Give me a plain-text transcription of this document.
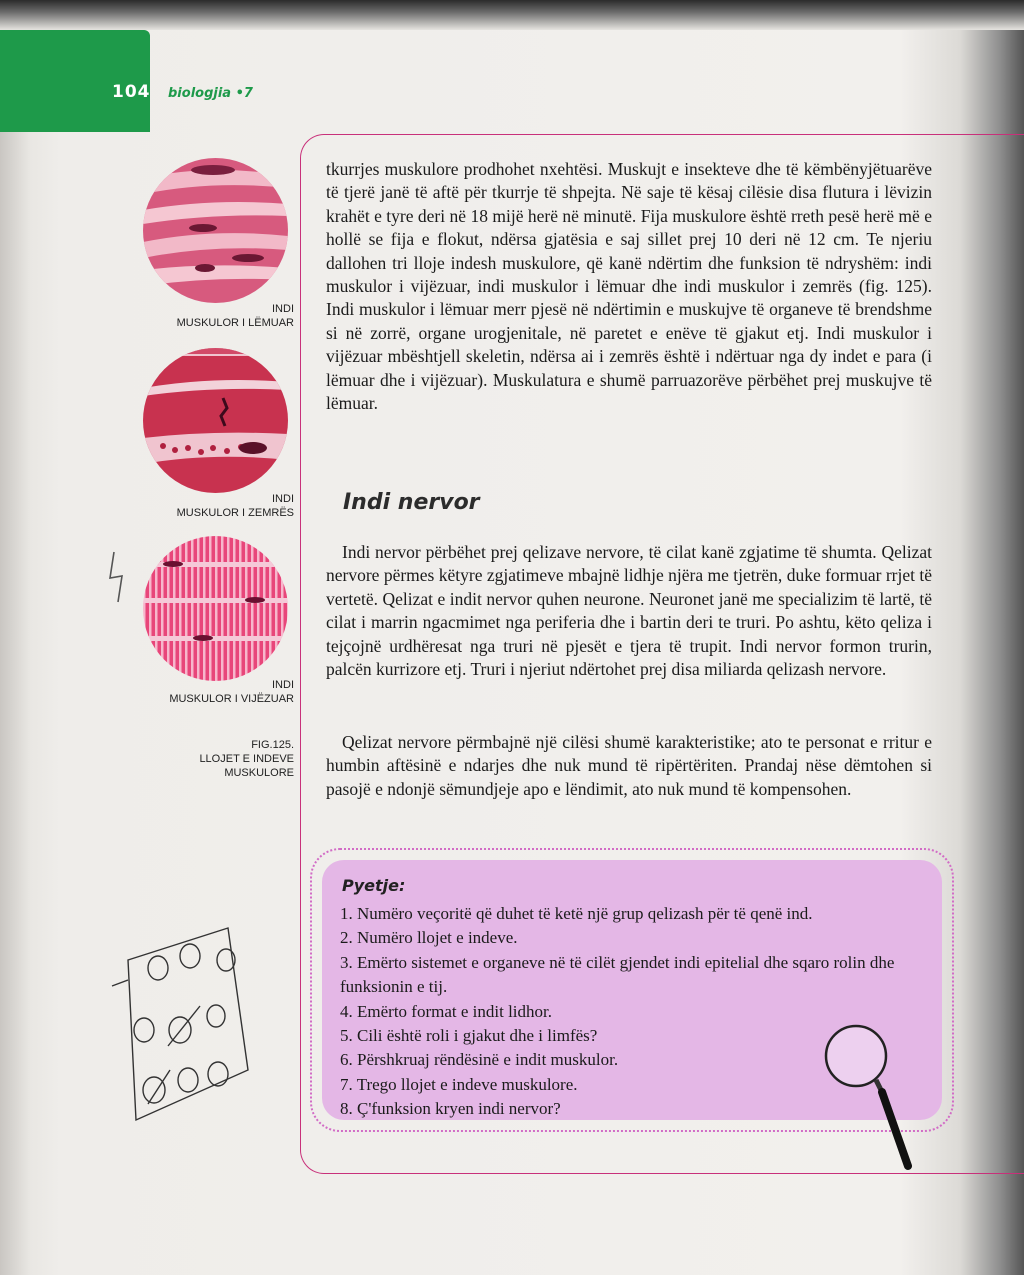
104 biologjia •7
INDI
MUSKULOR I LËMUAR
INDI
MUSKULOR I ZEMRËS
INDI
MUSKULOR I VIJËZUAR
FIG.125.
LLOJET E INDEVE
MUSKULORE
tkurrjes muskulore prodhohet nxehtësi. Muskujt e insekteve dhe të këmbënyjëtuarëve të tjerë janë të aftë për tkurrje të shpejta. Në saje të kësaj cilësie disa flutura i lëvizin krahët e tyre deri në 18 mijë herë në minutë. Fija muskulore është rreth pesë herë më e hollë se fija e flokut, ndërsa gjatësia e saj sillet prej 10 deri në 12 cm. Te njeriu dallohen tri lloje indesh muskulore, që kanë ndërtim dhe funksion të ndryshëm: indi muskulor i vijëzuar, indi muskulor i lëmuar dhe indi muskulor i zemrës (fig. 125). Indi muskulor i lëmuar merr pjesë në ndërtimin e muskujve të organeve të brendshme si në zorrë, organe urogjenitale, në paretet e enëve të gjakut etj. Indi muskulor i vijëzuar mbështjell skeletin, ndërsa ai i zemrës është i ndërtuar nga dy indet e para (i lëmuar dhe i vijëzuar). Muskulatura e shumë parruazorëve përbëhet prej muskujve të lëmuar.
Indi nervor
Indi nervor përbëhet prej qelizave nervore, të cilat kanë zgjatime të shumta. Qelizat nervore përmes këtyre zgjatimeve mbajnë lidhje njëra me tjetrën, duke formuar rrjet të vertetë. Qelizat e indit nervor quhen neurone. Neuronet janë me specializim të lartë, të cilat i marrin ngacmimet nga periferia dhe i bartin deri te truri. Po ashtu, këto qeliza i tejçojnë urdhëresat nga truri në pjesët e tjera të trupit. Indi nervor formon trurin, palcën kurrizore etj. Truri i njeriut ndërtohet prej disa miliarda qelizash nervore.
Qelizat nervore përmbajnë një cilësi shumë karakteristike; ato te personat e rritur e humbin aftësinë e ndarjes dhe nuk mund të ripërtëriten. Prandaj nëse dëmtohen si pasojë e ndonjë sëmundjeje apo e lëndimit, ato nuk mund të kompensohen.
Pyetje:
1. Numëro veçoritë që duhet të ketë një grup qelizash për të qenë ind.
2. Numëro llojet e indeve.
3. Emërto sistemet e organeve në të cilët gjendet indi epitelial dhe sqaro rolin dhe funksionin e tij.
4. Emërto format e indit lidhor.
5. Cili është roli i gjakut dhe i limfës?
6. Përshkruaj rëndësinë e indit muskulor.
7. Trego llojet e indeve muskulore.
8. Ç'funksion kryen indi nervor?
